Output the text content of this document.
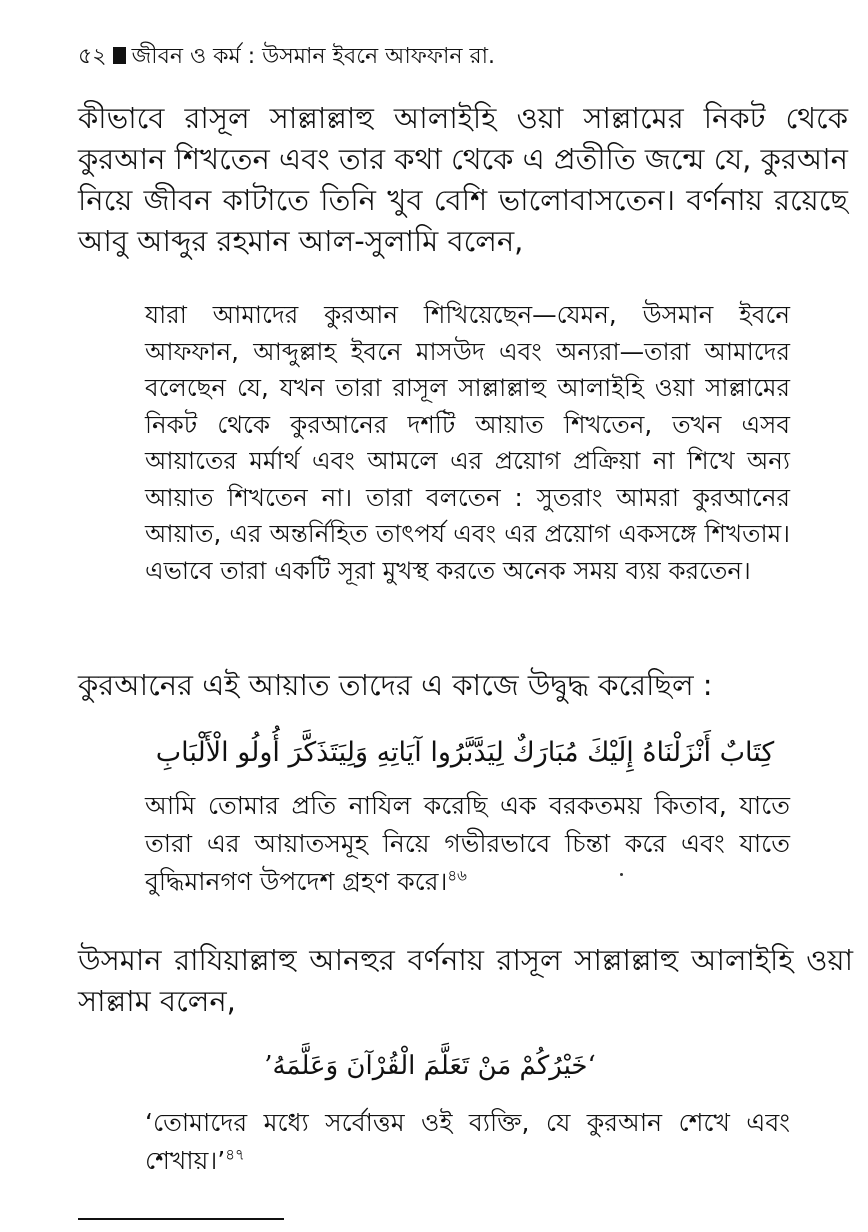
৫২ জীবন ও কর্ম : উসমান ইবনে আফফান রা.

কীভাবে রাসূল সাল্লাল্লাহু আলাইহি ওয়া সাল্লামের নিকট থেকে কুরআন শিখতেন এবং তার কথা থেকে এ প্রতীতি জন্মে যে, কুরআন নিয়ে জীবন কাটাতে তিনি খুব বেশি ভালোবাসতেন। বর্ণনায় রয়েছে আবু আব্দুর রহমান আল-সুলামি বলেন,

যারা আমাদের কুরআন শিখিয়েছেন—যেমন, উসমান ইবনে আফফান, আব্দুল্লাহ ইবনে মাসউদ এবং অন্যরা—তারা আমাদের বলেছেন যে, যখন তারা রাসূল সাল্লাল্লাহু আলাইহি ওয়া সাল্লামের নিকট থেকে কুরআনের দশটি আয়াত শিখতেন, তখন এসব আয়াতের মর্মার্থ এবং আমলে এর প্রয়োগ প্রক্রিয়া না শিখে অন্য আয়াত শিখতেন না। তারা বলতেন : সুতরাং আমরা কুরআনের আয়াত, এর অন্তর্নিহিত তাৎপর্য এবং এর প্রয়োগ একসঙ্গে শিখতাম। এভাবে তারা একটি সূরা মুখস্থ করতে অনেক সময় ব্যয় করতেন।

কুরআনের এই আয়াত তাদের এ কাজে উদ্বুদ্ধ করেছিল :

كِتَابٌ أَنْزَلْنَاهُ إِلَيْكَ مُبَارَكٌ لِيَدَّبَّرُوا آيَاتِهِ وَلِيَتَذَكَّرَ أُولُو الْأَلْبَابِ

আমি তোমার প্রতি নাযিল করেছি এক বরকতময় কিতাব, যাতে তারা এর আয়াতসমূহ নিয়ে গভীরভাবে চিন্তা করে এবং যাতে বুদ্ধিমানগণ উপদেশ গ্রহণ করে।$^{৪৬}$

উসমান রাযিয়াল্লাহু আনহুর বর্ণনায় রাসূল সাল্লাল্লাহু আলাইহি ওয়া সাল্লাম বলেন,

‘خَيْرُكُمْ مَنْ تَعَلَّمَ الْقُرْآنَ وَعَلَّمَهُ’

‘তোমাদের মধ্যে সর্বোত্তম ওই ব্যক্তি, যে কুরআন শেখে এবং শেখায়।’$^{৪৭}$
